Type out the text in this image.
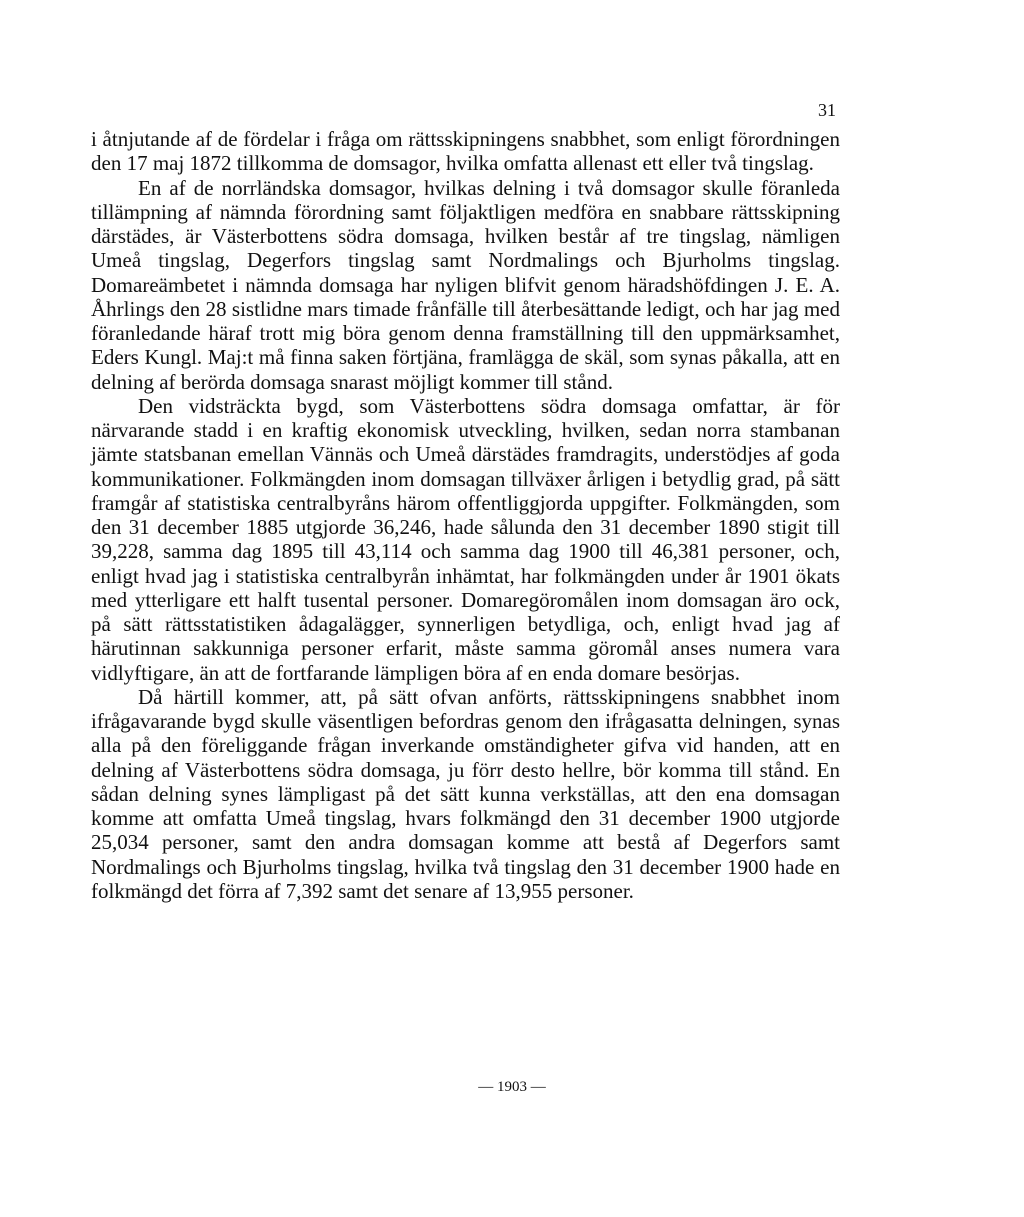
31

i åtnjutande af de fördelar i fråga om rättsskipningens snabbhet, som enligt förordningen den 17 maj 1872 tillkomma de domsagor, hvilka omfatta allenast ett eller två tingslag.

En af de norrländska domsagor, hvilkas delning i två domsagor skulle föranleda tillämpning af nämnda förordning samt följaktligen medföra en snabbare rättsskipning därstädes, är Västerbottens södra domsaga, hvilken består af tre tingslag, nämligen Umeå tingslag, Degerfors tingslag samt Nordmalings och Bjurholms tingslag. Domareämbetet i nämnda domsaga har nyligen blifvit genom häradshöfdingen J. E. A. Åhrlings den 28 sistlidne mars timade frånfälle till återbesättande ledigt, och har jag med föranledande häraf trott mig böra genom denna framställning till den uppmärksamhet, Eders Kungl. Maj:t må finna saken förtjäna, framlägga de skäl, som synas påkalla, att en delning af berörda domsaga snarast möjligt kommer till stånd.

Den vidsträckta bygd, som Västerbottens södra domsaga omfattar, är för närvarande stadd i en kraftig ekonomisk utveckling, hvilken, sedan norra stambanan jämte statsbanan emellan Vännäs och Umeå därstädes framdragits, understödjes af goda kommunikationer. Folkmängden inom domsagan tillväxer årligen i betydlig grad, på sätt framgår af statistiska centralbyråns härom offentliggjorda uppgifter. Folkmängden, som den 31 december 1885 utgjorde 36,246, hade sålunda den 31 december 1890 stigit till 39,228, samma dag 1895 till 43,114 och samma dag 1900 till 46,381 personer, och, enligt hvad jag i statistiska centralbyrån inhämtat, har folkmängden under år 1901 ökats med ytterligare ett halft tusental personer. Domaregöromålen inom domsagan äro ock, på sätt rättsstatistiken ådagalägger, synnerligen betydliga, och, enligt hvad jag af härutinnan sakkunniga personer erfarit, måste samma göromål anses numera vara vidlyftigare, än att de fortfarande lämpligen böra af en enda domare besörjas.

Då härtill kommer, att, på sätt ofvan anförts, rättsskipningens snabbhet inom ifrågavarande bygd skulle väsentligen befordras genom den ifrågasatta delningen, synas alla på den föreliggande frågan inverkande omständigheter gifva vid handen, att en delning af Västerbottens södra domsaga, ju förr desto hellre, bör komma till stånd. En sådan delning synes lämpligast på det sätt kunna verkställas, att den ena domsagan komme att omfatta Umeå tingslag, hvars folkmängd den 31 december 1900 utgjorde 25,034 personer, samt den andra domsagan komme att bestå af Degerfors samt Nordmalings och Bjurholms tingslag, hvilka två tingslag den 31 december 1900 hade en folkmängd det förra af 7,392 samt det senare af 13,955 personer.

— 1903 —
